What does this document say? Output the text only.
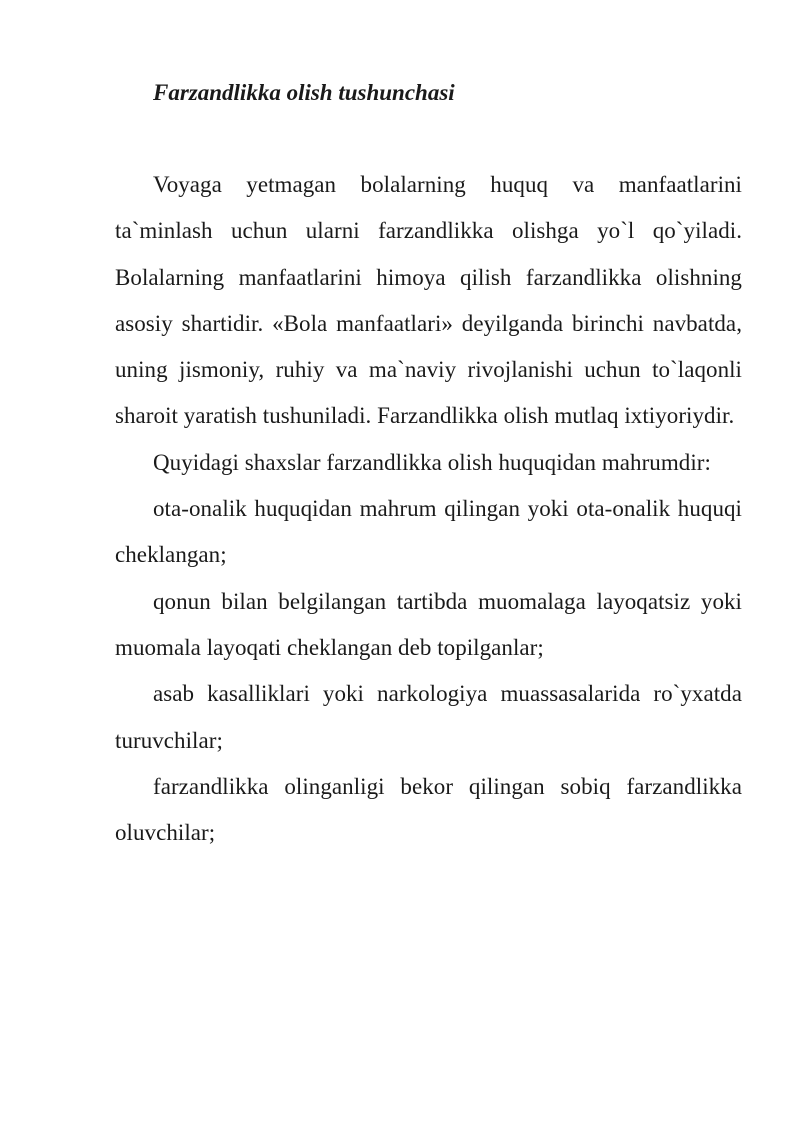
Farzandlikka olish tushunchasi

Voyaga yetmagan bolalarning huquq va manfaatlarini ta`minlash uchun ularni farzandlikka olishga yo`l qo`yiladi. Bolalarning manfaatlarini himoya qilish farzandlikka olishning asosiy shartidir. «Bola manfaatlari» deyilganda birinchi navbatda, uning jismoniy, ruhiy va ma`naviy rivojlanishi uchun to`laqonli sharoit yaratish tushuniladi. Farzandlikka olish mutlaq ixtiyoriydir.

Quyidagi shaxslar farzandlikka olish huquqidan mahrumdir:

ota-onalik huquqidan mahrum qilingan yoki ota-onalik huquqi cheklangan;

qonun bilan belgilangan tartibda muomalaga layoqatsiz yoki muomala layoqati cheklangan deb topilganlar;

asab kasalliklari yoki narkologiya muassasalarida ro`yxatda turuvchilar;

farzandlikka olinganligi bekor qilingan sobiq farzandlikka oluvchilar;
